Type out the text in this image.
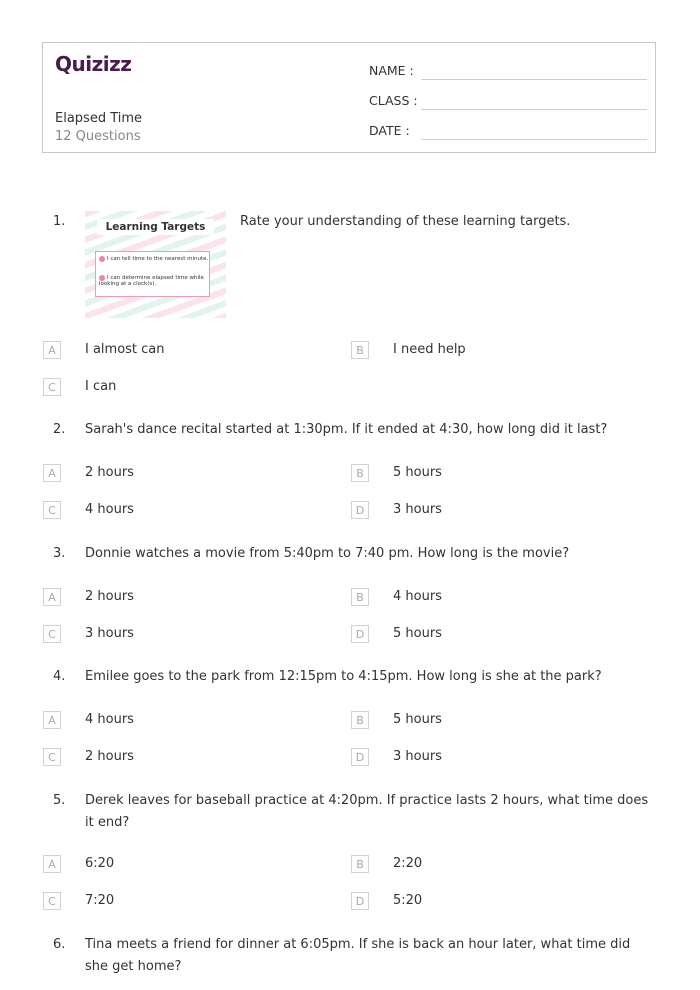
Quizizz
Elapsed Time
12 Questions
NAME :
CLASS :
DATE :
1.	Learning Targets
I can tell time to the nearest minute.
I can determine elapsed time while looking at a clock(s).
Rate your understanding of these learning targets.
A	I almost can	B	I need help
C	I can
2. Sarah's dance recital started at 1:30pm. If it ended at 4:30, how long did it last?
A	2 hours	B	5 hours
C	4 hours	D	3 hours
3. Donnie watches a movie from 5:40pm to 7:40 pm. How long is the movie?
A	2 hours	B	4 hours
C	3 hours	D	5 hours
4. Emilee goes to the park from 12:15pm to 4:15pm. How long is she at the park?
A	4 hours	B	5 hours
C	2 hours	D	3 hours
5. Derek leaves for baseball practice at 4:20pm. If practice lasts 2 hours, what time does it end?
A	6:20	B	2:20
C	7:20	D	5:20
6. Tina meets a friend for dinner at 6:05pm. If she is back an hour later, what time did she get home?
